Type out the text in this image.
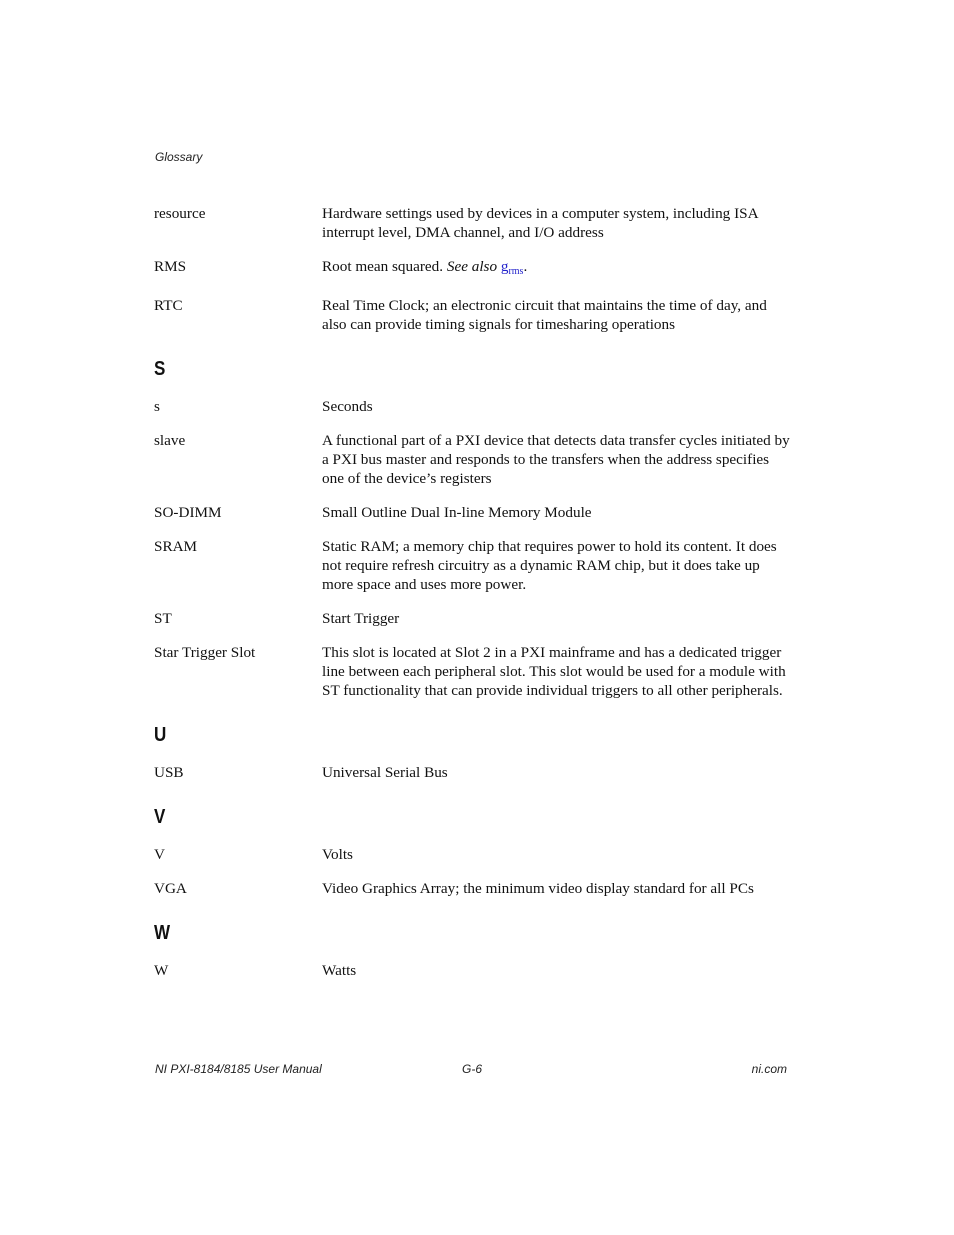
Glossary
resource	Hardware settings used by devices in a computer system, including ISA interrupt level, DMA channel, and I/O address
RMS	Root mean squared. See also $g_{rms}$.
RTC	Real Time Clock; an electronic circuit that maintains the time of day, and also can provide timing signals for timesharing operations
S
s	Seconds
slave	A functional part of a PXI device that detects data transfer cycles initiated by a PXI bus master and responds to the transfers when the address specifies one of the device’s registers
SO-DIMM	Small Outline Dual In-line Memory Module
SRAM	Static RAM; a memory chip that requires power to hold its content. It does not require refresh circuitry as a dynamic RAM chip, but it does take up more space and uses more power.
ST	Start Trigger
Star Trigger Slot	This slot is located at Slot 2 in a PXI mainframe and has a dedicated trigger line between each peripheral slot. This slot would be used for a module with ST functionality that can provide individual triggers to all other peripherals.
U
USB	Universal Serial Bus
V
V	Volts
VGA	Video Graphics Array; the minimum video display standard for all PCs
W
W	Watts
NI PXI-8184/8185 User Manual	G-6	ni.com
